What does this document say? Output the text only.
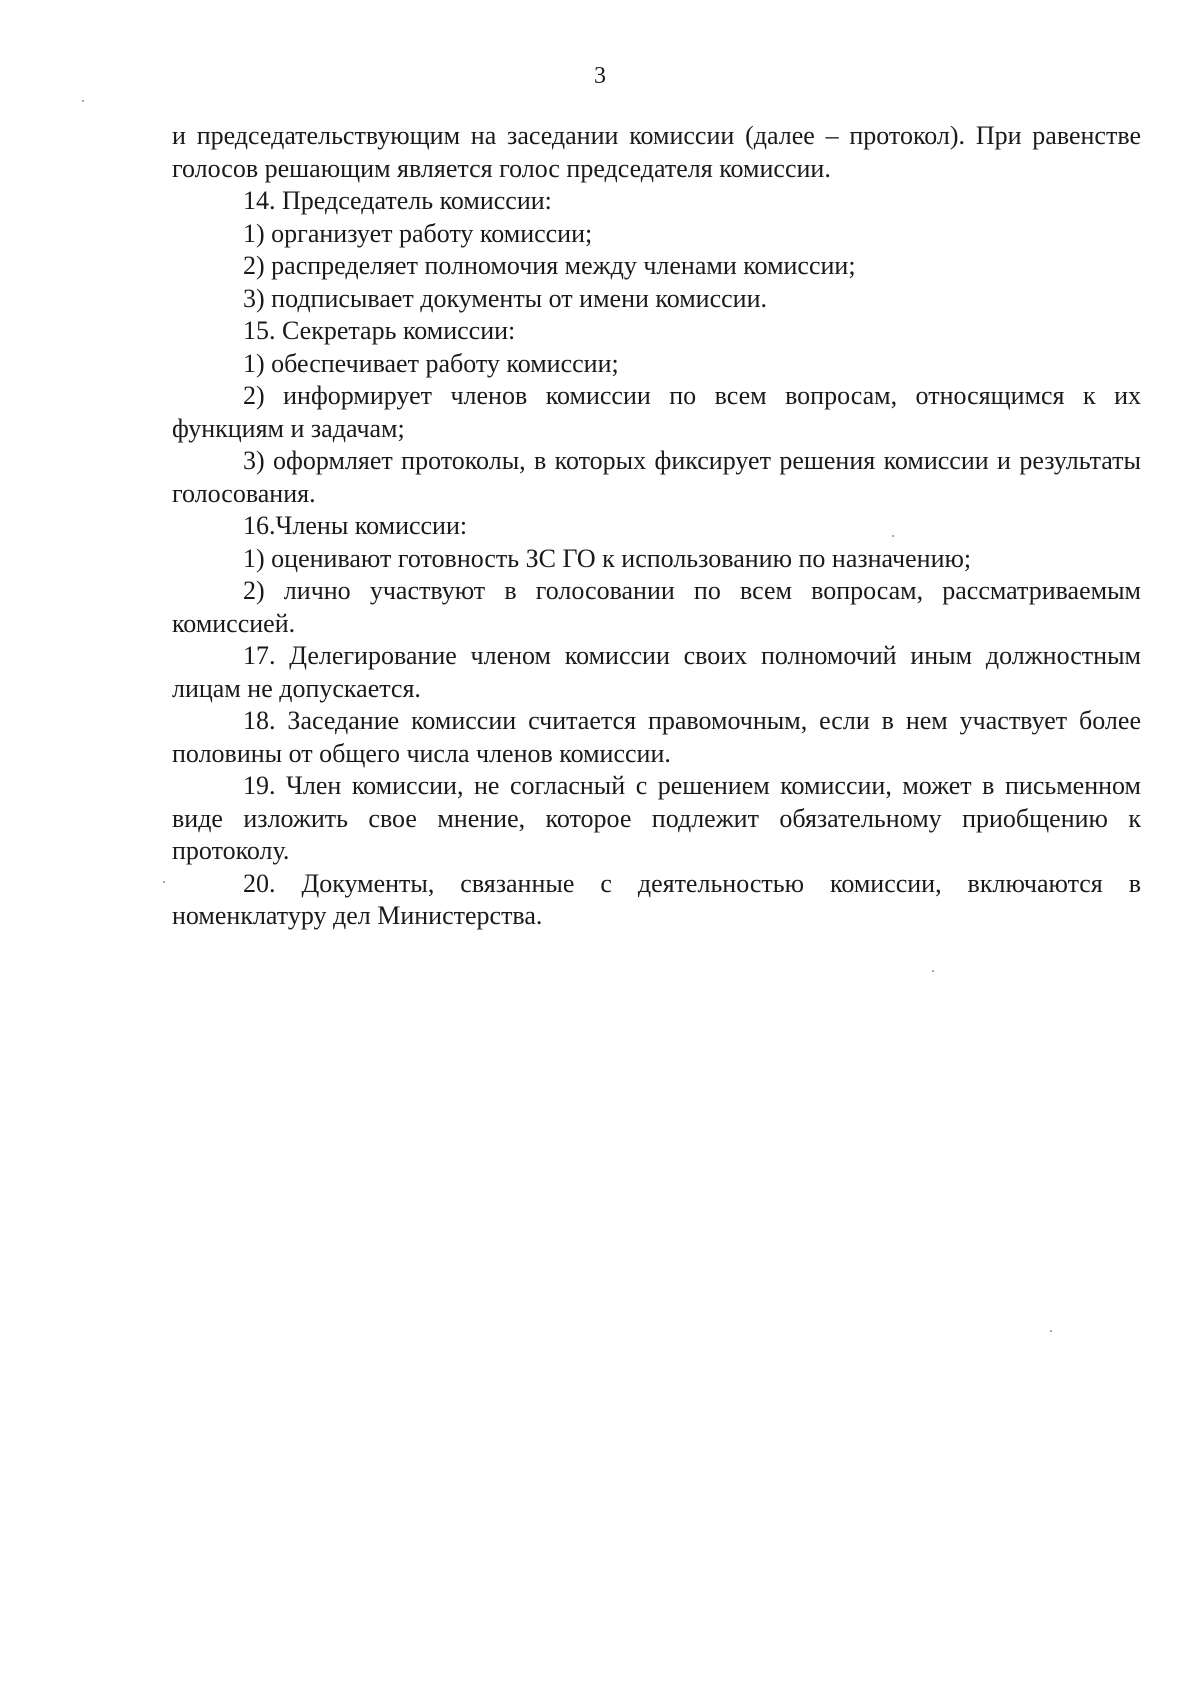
3

и председательствующим на заседании комиссии (далее – протокол). При равенстве голосов решающим является голос председателя комиссии.

14. Председатель комиссии:

1) организует работу комиссии;

2) распределяет полномочия между членами комиссии;

3) подписывает документы от имени комиссии.

15. Секретарь комиссии:

1) обеспечивает работу комиссии;

2) информирует членов комиссии по всем вопросам, относящимся к их функциям и задачам;

3) оформляет протоколы, в которых фиксирует решения комиссии и результаты голосования.

16.Члены комиссии:

1) оценивают готовность ЗС ГО к использованию по назначению;

2) лично участвуют в голосовании по всем вопросам, рассматриваемым комиссией.

17. Делегирование членом комиссии своих полномочий иным должностным лицам не допускается.

18. Заседание комиссии считается правомочным, если в нем участвует более половины от общего числа членов комиссии.

19. Член комиссии, не согласный с решением комиссии, может в письменном виде изложить свое мнение, которое подлежит обязательному приобщению к протоколу.

20. Документы, связанные с деятельностью комиссии, включаются в номенклатуру дел Министерства.
